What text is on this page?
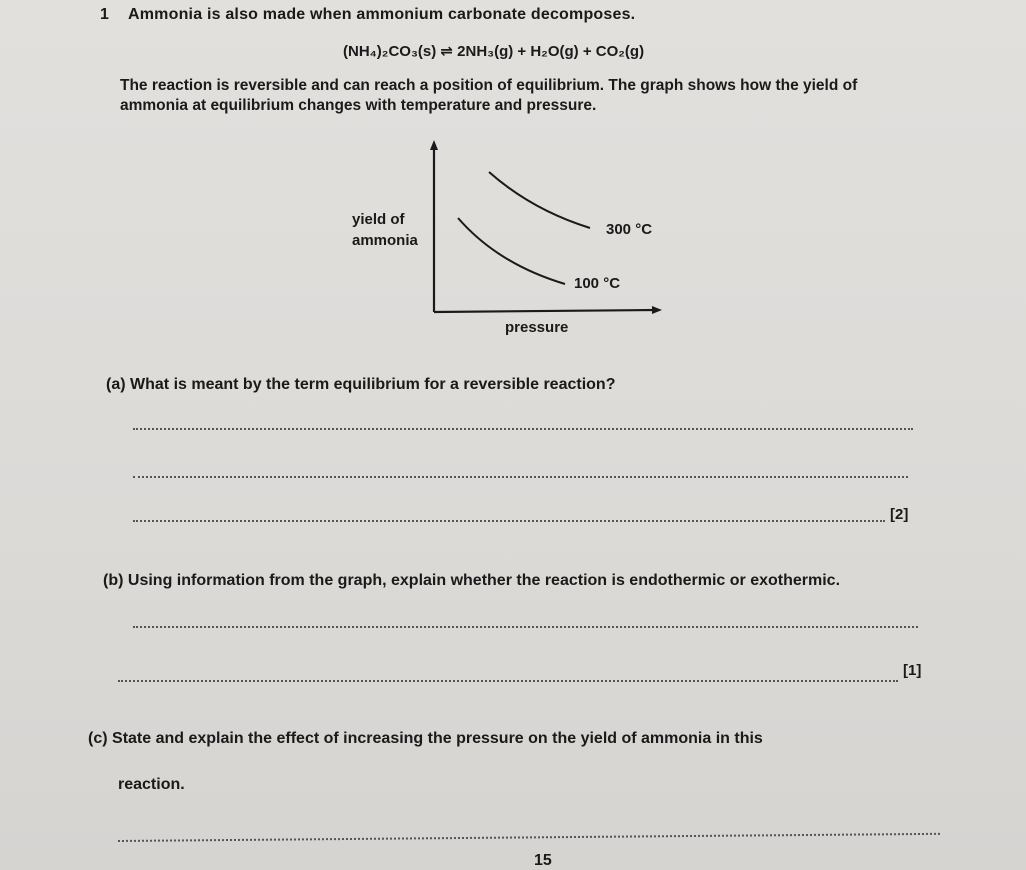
1 Ammonia is also made when ammonium carbonate decomposes.
(NH₄)₂CO₃(s) ⇌ 2NH₃(g) + H₂O(g) + CO₂(g)
The reaction is reversible and can reach a position of equilibrium. The graph shows how the yield of ammonia at equilibrium changes with temperature and pressure.
yield of
ammonia
300 °C
100 °C
pressure
(a) What is meant by the term equilibrium for a reversible reaction?
[2]
(b) Using information from the graph, explain whether the reaction is endothermic or exothermic.
[1]
(c) State and explain the effect of increasing the pressure on the yield of ammonia in this
reaction.
15
